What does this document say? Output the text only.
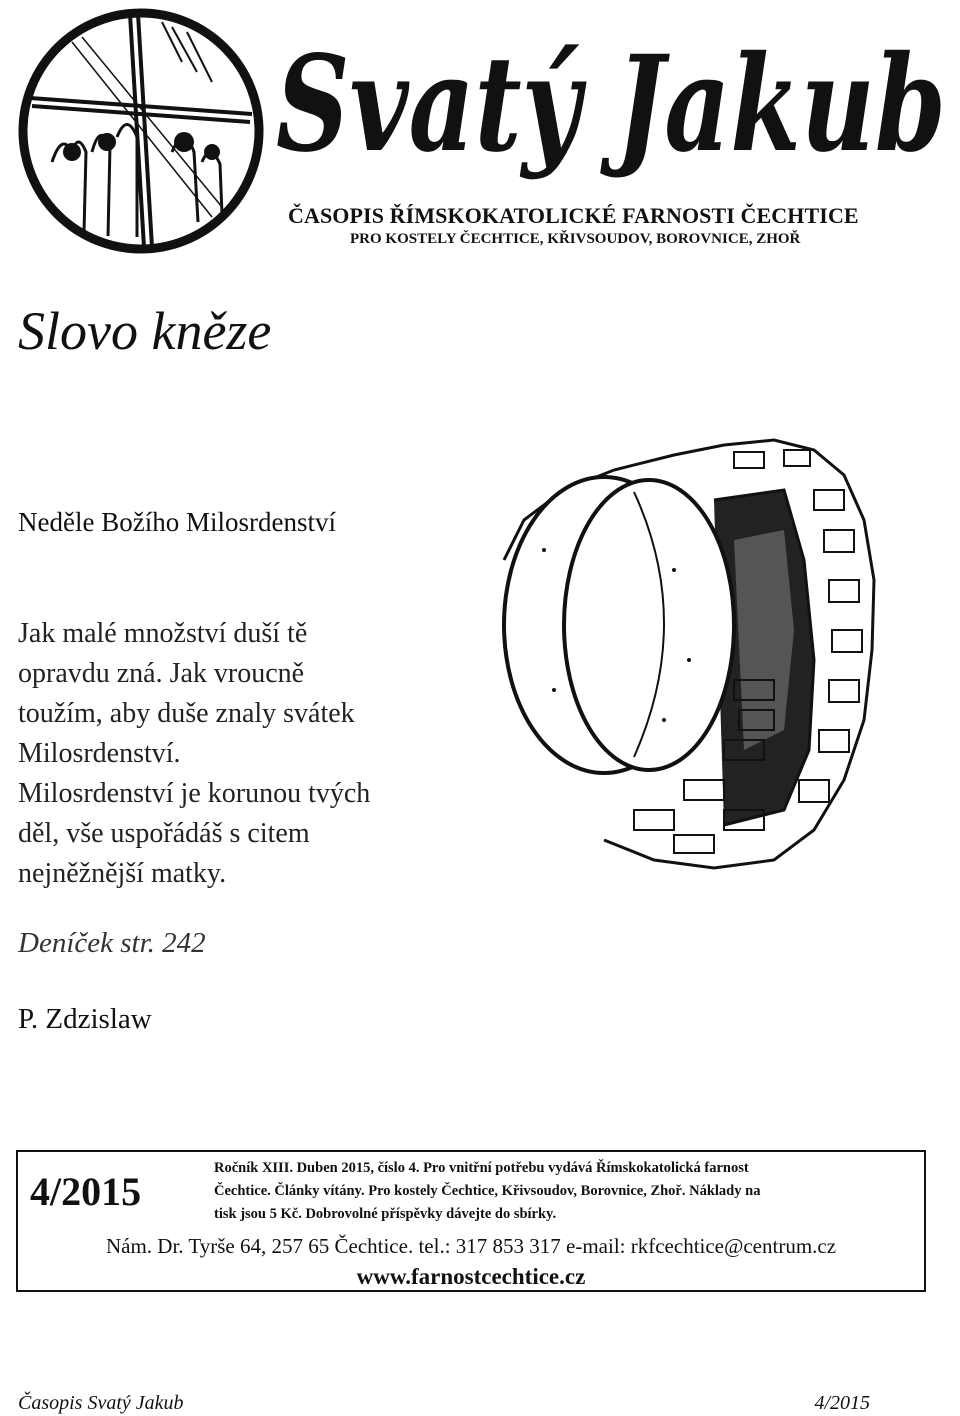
Svatý Jakub
ČASOPIS ŘÍMSKOKATOLICKÉ FARNOSTI ČECHTICE
PRO KOSTELY ČECHTICE, KŘIVSOUDOV, BOROVNICE, ZHOŘ
Slovo kněze
Neděle Božího Milosrdenství
Jak malé množství duší tě
opravdu zná. Jak vroucně
toužím, aby duše znaly svátek
Milosrdenství.
Milosrdenství je korunou tvých
děl, vše uspořádáš s citem
nejněžnější matky.
Deníček str. 242
P. Zdzislaw
4/2015
Ročník XIII. Duben 2015, číslo 4. Pro vnitřní potřebu vydává Římskokatolická farnost
Čechtice. Články vítány. Pro kostely Čechtice, Křivsoudov, Borovnice, Zhoř. Náklady na
tisk jsou 5 Kč. Dobrovolné příspěvky dávejte do sbírky.
Nám. Dr. Tyrše 64, 257 65 Čechtice. tel.: 317 853 317 e-mail: rkfcechtice@centrum.cz
www.farnostcechtice.cz
Časopis Svatý Jakub	4/2015
